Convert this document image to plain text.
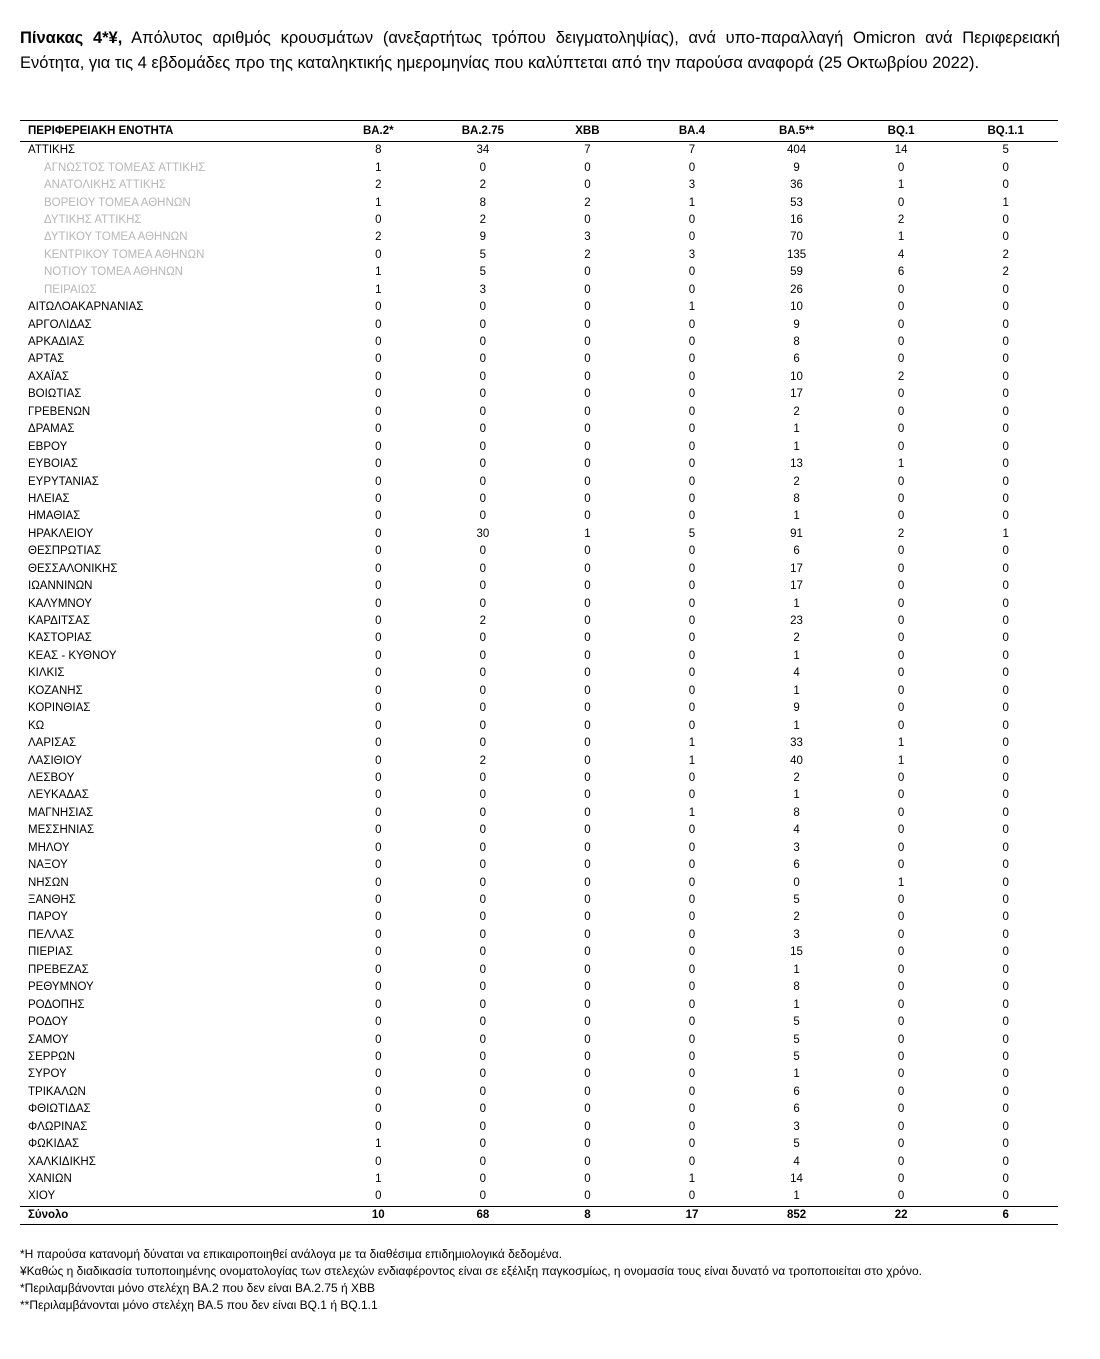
Πίνακας 4*¥, Απόλυτος αριθμός κρουσμάτων (ανεξαρτήτως τρόπου δειγματοληψίας), ανά υπο-παραλλαγή Omicron ανά Περιφερειακή Ενότητα, για τις 4 εβδομάδες προ της καταληκτικής ημερομηνίας που καλύπτεται από την παρούσα αναφορά (25 Οκτωβρίου 2022).
ΠΕΡΙΦΕΡΕΙΑΚΗ ΕΝΟΤΗΤΑ	BA.2*	BA.2.75	XBB	BA.4	BA.5**	BQ.1	BQ.1.1
ΑΤΤΙΚΗΣ	8	34	7	7	404	14	5
ΑΓΝΩΣΤΟΣ ΤΟΜΕΑΣ ΑΤΤΙΚΗΣ	1	0	0	0	9	0	0
ΑΝΑΤΟΛΙΚΗΣ ΑΤΤΙΚΗΣ	2	2	0	3	36	1	0
ΒΟΡΕΙΟΥ ΤΟΜΕΑ ΑΘΗΝΩΝ	1	8	2	1	53	0	1
ΔΥΤΙΚΗΣ ΑΤΤΙΚΗΣ	0	2	0	0	16	2	0
ΔΥΤΙΚΟΥ ΤΟΜΕΑ ΑΘΗΝΩΝ	2	9	3	0	70	1	0
ΚΕΝΤΡΙΚΟΥ ΤΟΜΕΑ ΑΘΗΝΩΝ	0	5	2	3	135	4	2
ΝΟΤΙΟΥ ΤΟΜΕΑ ΑΘΗΝΩΝ	1	5	0	0	59	6	2
ΠΕΙΡΑΙΩΣ	1	3	0	0	26	0	0
ΑΙΤΩΛΟΑΚΑΡΝΑΝΙΑΣ	0	0	0	1	10	0	0
ΑΡΓΟΛΙΔΑΣ	0	0	0	0	9	0	0
ΑΡΚΑΔΙΑΣ	0	0	0	0	8	0	0
ΑΡΤΑΣ	0	0	0	0	6	0	0
ΑΧΑΪΑΣ	0	0	0	0	10	2	0
ΒΟΙΩΤΙΑΣ	0	0	0	0	17	0	0
ΓΡΕΒΕΝΩΝ	0	0	0	0	2	0	0
ΔΡΑΜΑΣ	0	0	0	0	1	0	0
ΕΒΡΟΥ	0	0	0	0	1	0	0
ΕΥΒΟΙΑΣ	0	0	0	0	13	1	0
ΕΥΡΥΤΑΝΙΑΣ	0	0	0	0	2	0	0
ΗΛΕΙΑΣ	0	0	0	0	8	0	0
ΗΜΑΘΙΑΣ	0	0	0	0	1	0	0
ΗΡΑΚΛΕΙΟΥ	0	30	1	5	91	2	1
ΘΕΣΠΡΩΤΙΑΣ	0	0	0	0	6	0	0
ΘΕΣΣΑΛΟΝΙΚΗΣ	0	0	0	0	17	0	0
ΙΩΑΝΝΙΝΩΝ	0	0	0	0	17	0	0
ΚΑΛΥΜΝΟΥ	0	0	0	0	1	0	0
ΚΑΡΔΙΤΣΑΣ	0	2	0	0	23	0	0
ΚΑΣΤΟΡΙΑΣ	0	0	0	0	2	0	0
ΚΕΑΣ - ΚΥΘΝΟΥ	0	0	0	0	1	0	0
ΚΙΛΚΙΣ	0	0	0	0	4	0	0
ΚΟΖΑΝΗΣ	0	0	0	0	1	0	0
ΚΟΡΙΝΘΙΑΣ	0	0	0	0	9	0	0
ΚΩ	0	0	0	0	1	0	0
ΛΑΡΙΣΑΣ	0	0	0	1	33	1	0
ΛΑΣΙΘΙΟΥ	0	2	0	1	40	1	0
ΛΕΣΒΟΥ	0	0	0	0	2	0	0
ΛΕΥΚΑΔΑΣ	0	0	0	0	1	0	0
ΜΑΓΝΗΣΙΑΣ	0	0	0	1	8	0	0
ΜΕΣΣΗΝΙΑΣ	0	0	0	0	4	0	0
ΜΗΛΟΥ	0	0	0	0	3	0	0
ΝΑΞΟΥ	0	0	0	0	6	0	0
ΝΗΣΩΝ	0	0	0	0	0	1	0
ΞΑΝΘΗΣ	0	0	0	0	5	0	0
ΠΑΡΟΥ	0	0	0	0	2	0	0
ΠΕΛΛΑΣ	0	0	0	0	3	0	0
ΠΙΕΡΙΑΣ	0	0	0	0	15	0	0
ΠΡΕΒΕΖΑΣ	0	0	0	0	1	0	0
ΡΕΘΥΜΝΟΥ	0	0	0	0	8	0	0
ΡΟΔΟΠΗΣ	0	0	0	0	1	0	0
ΡΟΔΟΥ	0	0	0	0	5	0	0
ΣΑΜΟΥ	0	0	0	0	5	0	0
ΣΕΡΡΩΝ	0	0	0	0	5	0	0
ΣΥΡΟΥ	0	0	0	0	1	0	0
ΤΡΙΚΑΛΩΝ	0	0	0	0	6	0	0
ΦΘΙΩΤΙΔΑΣ	0	0	0	0	6	0	0
ΦΛΩΡΙΝΑΣ	0	0	0	0	3	0	0
ΦΩΚΙΔΑΣ	1	0	0	0	5	0	0
ΧΑΛΚΙΔΙΚΗΣ	0	0	0	0	4	0	0
ΧΑΝΙΩΝ	1	0	0	1	14	0	0
ΧΙΟΥ	0	0	0	0	1	0	0
Σύνολο	10	68	8	17	852	22	6
*Η παρούσα κατανομή δύναται να επικαιροποιηθεί ανάλογα με τα διαθέσιμα επιδημιολογικά δεδομένα.
¥Καθώς η διαδικασία τυποποιημένης ονοματολογίας των στελεχών ενδιαφέροντος είναι σε εξέλιξη παγκοσμίως, η ονομασία τους είναι δυνατό να τροποποιείται στο χρόνο.
*Περιλαμβάνονται μόνο στελέχη BA.2 που δεν είναι BA.2.75 ή XBB
**Περιλαμβάνονται μόνο στελέχη BA.5 που δεν είναι BQ.1 ή BQ.1.1
